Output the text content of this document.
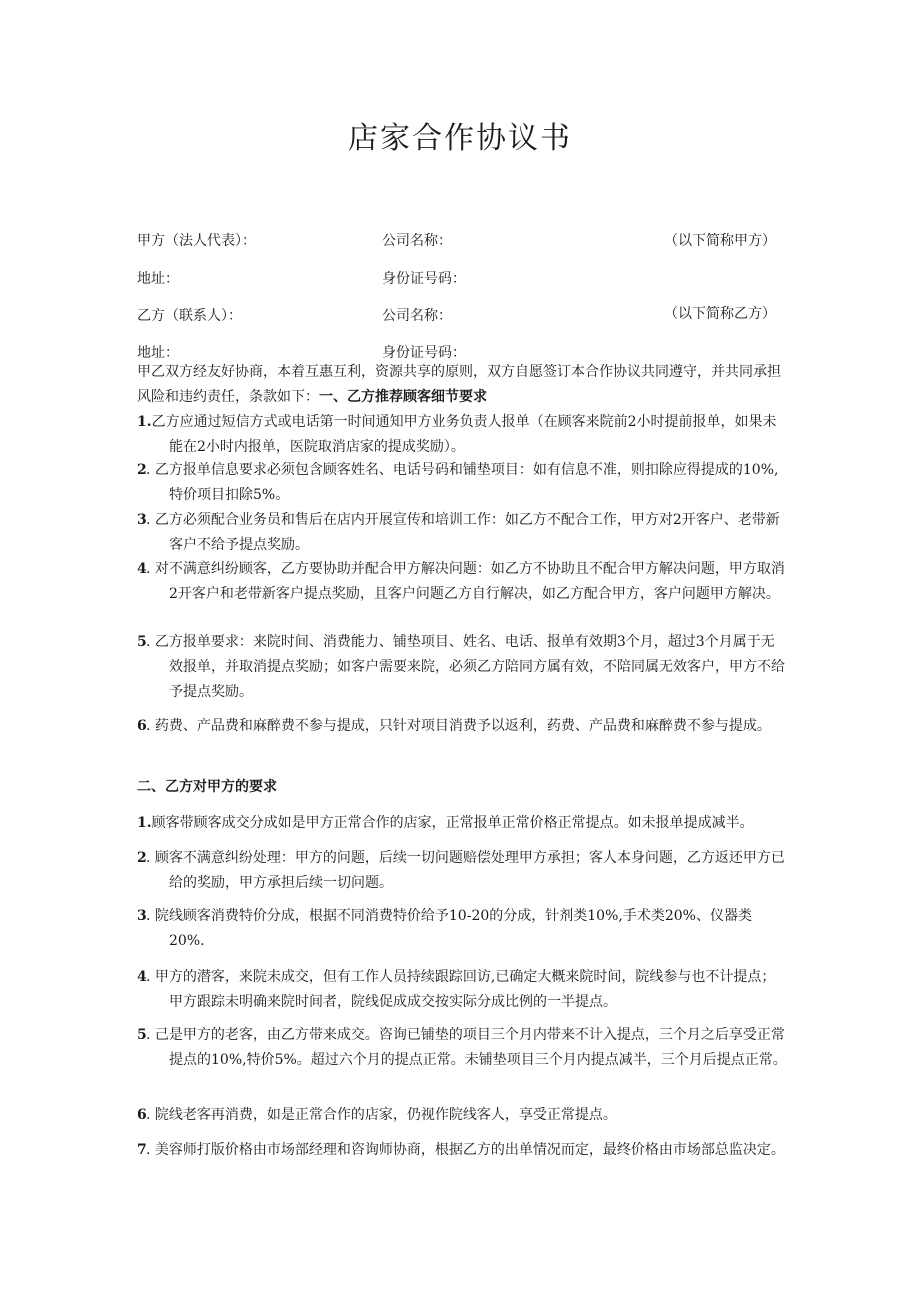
店家合作协议书
甲方（法人代表）：	公司名称：	（以下简称甲方）
地址：	身份证号码：
乙方（联系人）：	公司名称：	（以下简称乙方）
地址：	身份证号码：
甲乙双方经友好协商，本着互惠互利，资源共享的原则，双方自愿签订本合作协议共同遵守，并共同承担风险和违约责任，条款如下：一、乙方推荐顾客细节要求
1.乙方应通过短信方式或电话第一时间通知甲方业务负责人报单（在顾客来院前2小时提前报单，如果未能在2小时内报单，医院取消店家的提成奖励）。
2 . 乙方报单信息要求必须包含顾客姓名、电话号码和铺垫项目：如有信息不准，则扣除应得提成的10%,特价项目扣除5%。
3 . 乙方必须配合业务员和售后在店内开展宣传和培训工作：如乙方不配合工作，甲方对2开客户、老带新客户不给予提点奖励。
4 . 对不满意纠纷顾客，乙方要协助并配合甲方解决问题：如乙方不协助且不配合甲方解决问题，甲方取消2开客户和老带新客户提点奖励，且客户问题乙方自行解决，如乙方配合甲方，客户问题甲方解决。
5 . 乙方报单要求：来院时间、消费能力、铺垫项目、姓名、电话、报单有效期3个月，超过3个月属于无效报单，并取消提点奖励；如客户需要来院，必须乙方陪同方属有效，不陪同属无效客户，甲方不给予提点奖励。
6 . 药费、产品费和麻醉费不参与提成，只针对项目消费予以返利，药费、产品费和麻醉费不参与提成。
二、乙方对甲方的要求
1.顾客带顾客成交分成如是甲方正常合作的店家，正常报单正常价格正常提点。如未报单提成减半。
2 . 顾客不满意纠纷处理：甲方的问题，后续一切问题赔偿处理甲方承担；客人本身问题，乙方返还甲方已给的奖励，甲方承担后续一切问题。
3 . 院线顾客消费特价分成，根据不同消费特价给予10-20的分成，针剂类10%,手术类20%、仪器类20%.
4 . 甲方的潜客，来院未成交，但有工作人员持续跟踪回访,已确定大概来院时间，院线参与也不计提点；甲方跟踪未明确来院时间者，院线促成成交按实际分成比例的一半提点。
5 . 己是甲方的老客，由乙方带来成交。咨询已铺垫的项目三个月内带来不计入提点，三个月之后享受正常提点的10%,特价5%。超过六个月的提点正常。未铺垫项目三个月内提点减半，三个月后提点正常。
6 . 院线老客再消费，如是正常合作的店家，仍视作院线客人，享受正常提点。
7 . 美容师打版价格由市场部经理和咨询师协商，根据乙方的出单情况而定，最终价格由市场部总监决定。
